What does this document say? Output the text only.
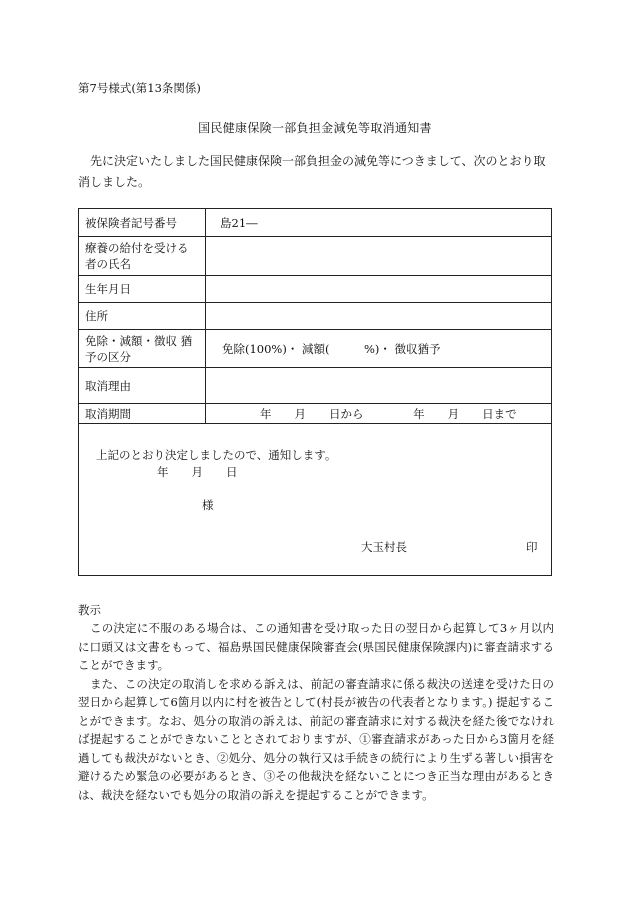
第7号様式(第13条関係)
国民健康保険一部負担金減免等取消通知書
先に決定いたしました国民健康保険一部負担金の減免等につきまして、次のとおり取消しました。
被保険者記号番号	島21―
療養の給付を受ける者の氏名	
生年月日	
住所	
免除・減額・徴収 猶予の区分	免除(100%)・ 減額(　　　%)・ 徴収猶予
取消理由	
取消期間	年　　月　　日から 年　　月　　日まで

上記のとおり決定しましたので、通知します。
年　　月　　日
様
大玉村長 印	
教示

この決定に不服のある場合は、この通知書を受け取った日の翌日から起算して3ヶ月以内に口頭又は文書をもって、福島県国民健康保険審査会(県国民健康保険課内)に審査請求することができます。

また、この決定の取消しを求める訴えは、前記の審査請求に係る裁決の送達を受けた日の翌日から起算して6箇月以内に村を被告として(村長が被告の代表者となります。) 提起することができます。なお、処分の取消の訴えは、前記の審査請求に対する裁決を経た後でなければ提起することができないこととされておりますが、①審査請求があった日から3箇月を経過しても裁決がないとき、②処分、処分の執行又は手続きの続行により生ずる著しい損害を避けるため緊急の必要があるとき、③その他裁決を経ないことにつき正当な理由があるときは、裁決を経ないでも処分の取消の訴えを提起することができます。
